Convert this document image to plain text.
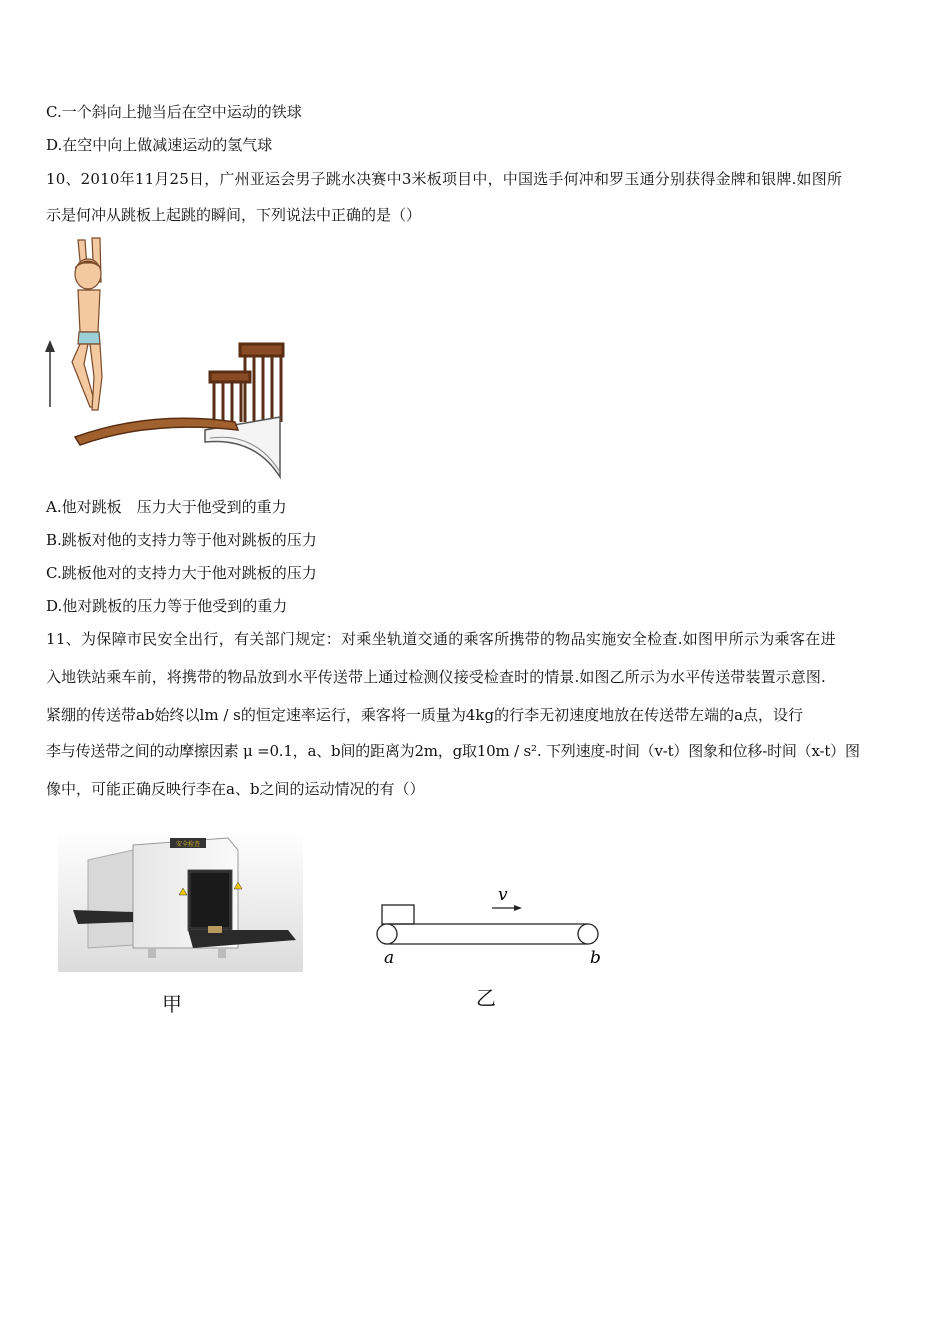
C.一个斜向上抛当后在空中运动的铁球
D.在空中向上做减速运动的氢气球
10、2010年11月25日，广州亚运会男子跳水决赛中3米板项目中，中国选手何冲和罗玉通分别获得金牌和银牌.如图所
示是何冲从跳板上起跳的瞬间，下列说法中正确的是（）
A.他对跳板　压力大于他受到的重力
B.跳板对他的支持力等于他对跳板的压力
C.跳板他对的支持力大于他对跳板的压力
D.他对跳板的压力等于他受到的重力
11、为保障市民安全出行，有关部门规定：对乘坐轨道交通的乘客所携带的物品实施安全检查.如图甲所示为乘客在进
入地铁站乘车前，将携带的物品放到水平传送带上通过检测仪接受检查时的情景.如图乙所示为水平传送带装置示意图.
紧绷的传送带ab始终以lm / s的恒定速率运行，乘客将一质量为4kg的行李无初速度地放在传送带左端的a点，设行
李与传送带之间的动摩擦因素 μ =0.1，a、b间的距离为2m，g取10m / s². 下列速度-时间（v-t）图象和位移-时间（x-t）图
像中，可能正确反映行李在a、b之间的运动情况的有（）
安全检查
甲
v
a	b
乙
